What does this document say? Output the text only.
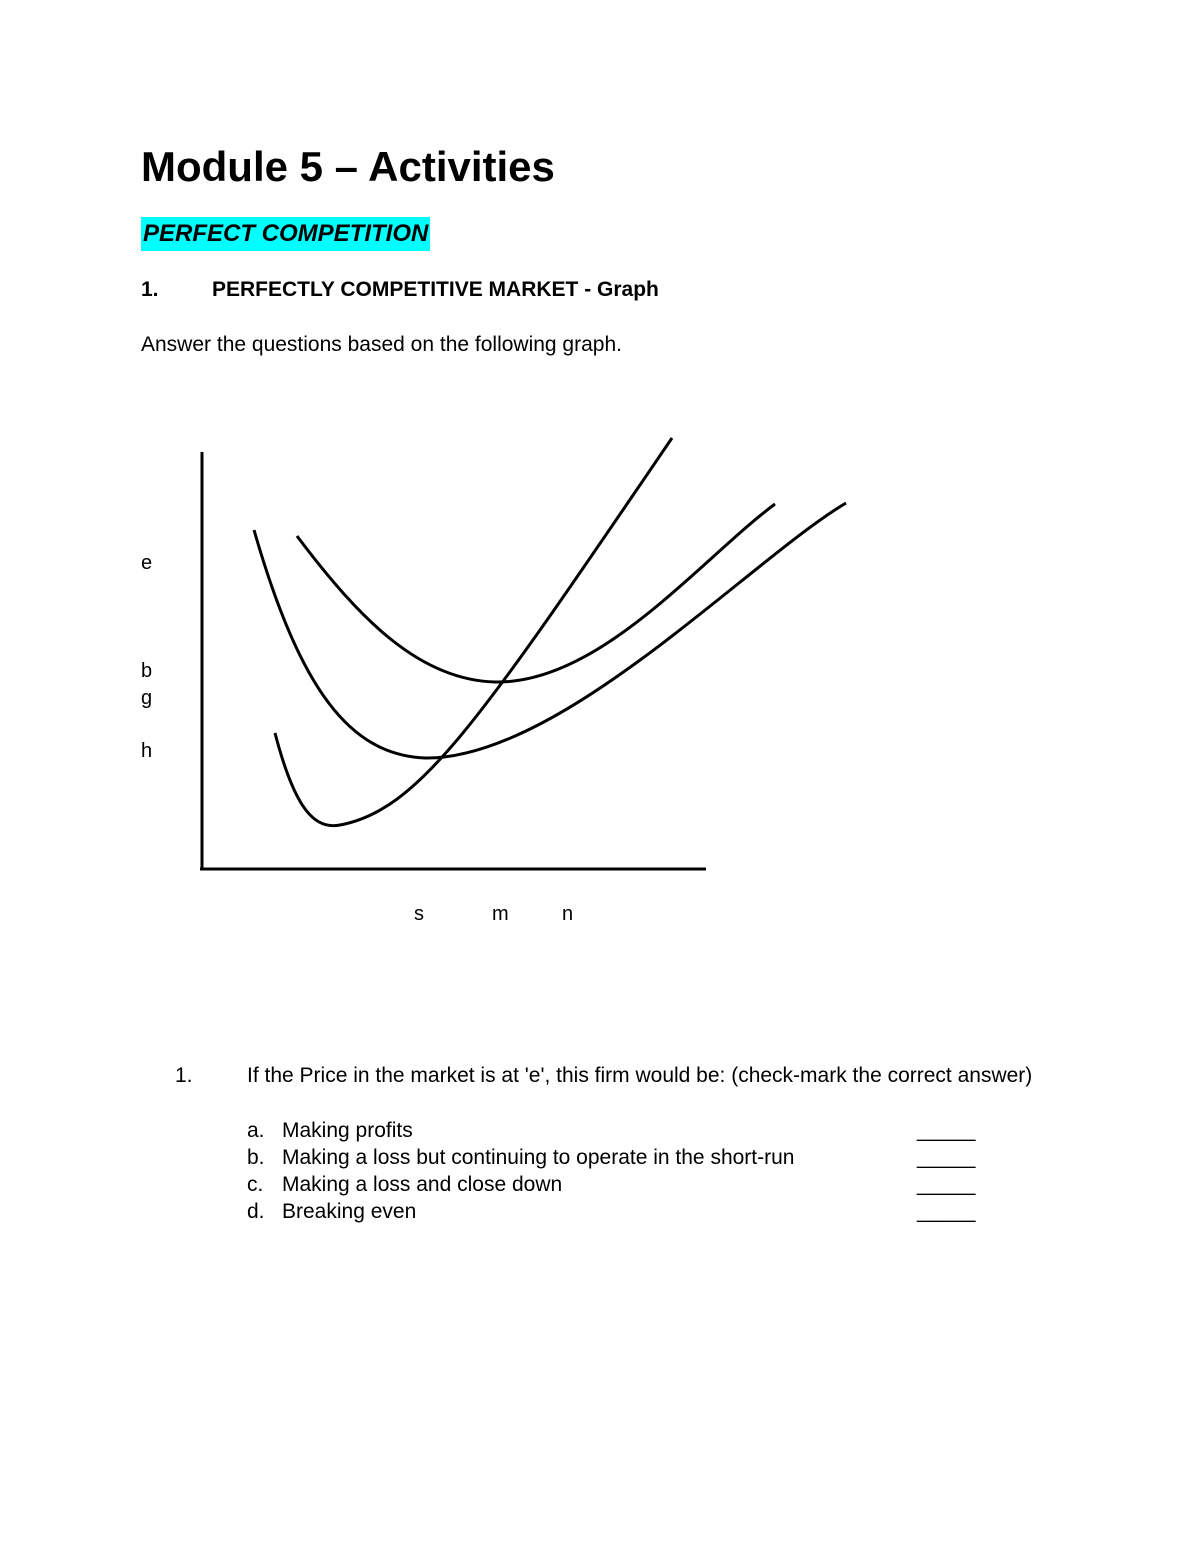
Module 5 – Activities
PERFECT COMPETITION
1.	PERFECTLY COMPETITIVE MARKET - Graph
Answer the questions based on the following graph.
e
b
g
h
s	m	n
1.	If the Price in the market is at 'e', this firm would be: (check-mark the correct answer)
a. Making profits	_____
b. Making a loss but continuing to operate in the short-run	_____
c. Making a loss and close down	_____
d. Breaking even	_____
